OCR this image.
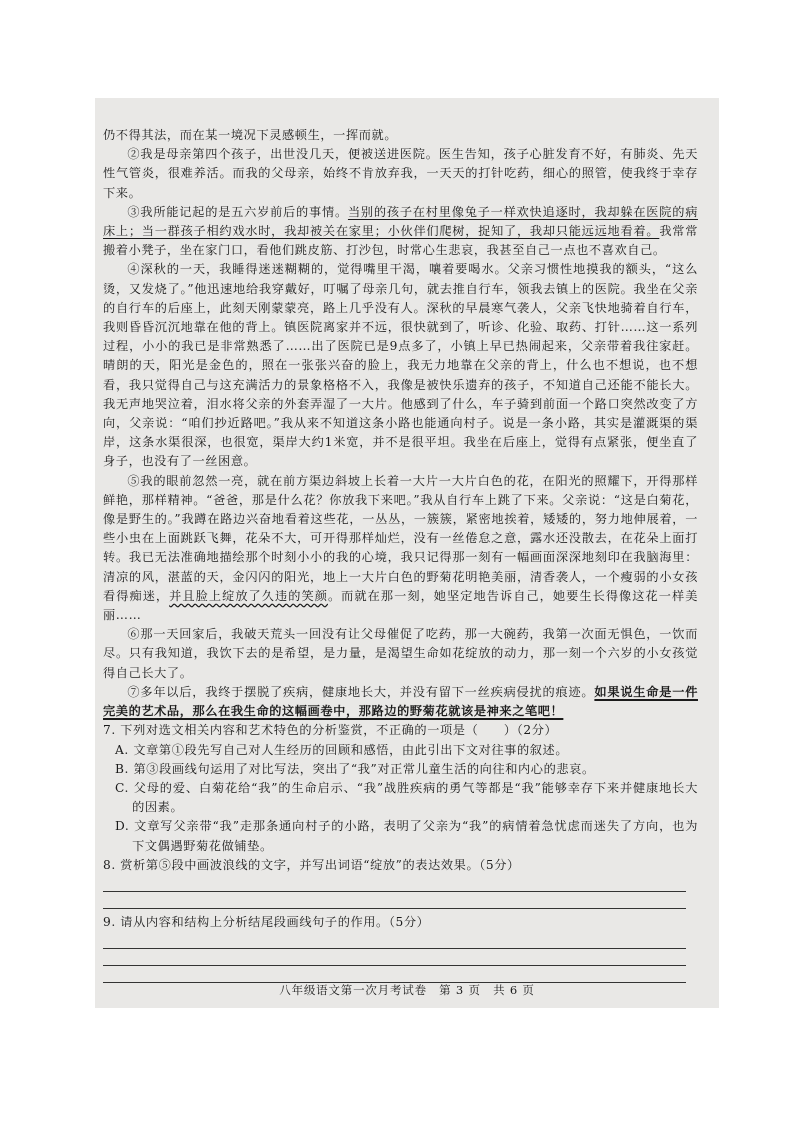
仍不得其法，而在某一境况下灵感顿生，一挥而就。

②我是母亲第四个孩子，出世没几天，便被送进医院。医生告知，孩子心脏发育不好，有肺炎、先天性气管炎，很难养活。而我的父母亲，始终不肯放弃我，一天天的打针吃药，细心的照管，使我终于幸存下来。

③我所能记起的是五六岁前后的事情。当别的孩子在村里像兔子一样欢快追逐时，我却躲在医院的病床上；当一群孩子相约戏水时，我却被关在家里；小伙伴们爬树，捉知了，我却只能远远地看着。我常常搬着小凳子，坐在家门口，看他们跳皮筋、打沙包，时常心生悲哀，我甚至自己一点也不喜欢自己。

④深秋的一天，我睡得迷迷糊糊的，觉得嘴里干渴，嚷着要喝水。父亲习惯性地摸我的额头，“这么烫，又发烧了。”他迅速地给我穿戴好，叮嘱了母亲几句，就去推自行车，领我去镇上的医院。我坐在父亲的自行车的后座上，此刻天刚蒙蒙亮，路上几乎没有人。深秋的早晨寒气袭人，父亲飞快地骑着自行车，我则昏昏沉沉地靠在他的背上。镇医院离家并不远，很快就到了，听诊、化验、取药、打针……这一系列过程，小小的我已是非常熟悉了……出了医院已是9点多了，小镇上早已热闹起来，父亲带着我往家赶。晴朗的天，阳光是金色的，照在一张张兴奋的脸上，我无力地靠在父亲的背上，什么也不想说，也不想看，我只觉得自己与这充满活力的景象格格不入，我像是被快乐遗弃的孩子，不知道自己还能不能长大。我无声地哭泣着，泪水将父亲的外套弄湿了一大片。他感到了什么，车子骑到前面一个路口突然改变了方向，父亲说：“咱们抄近路吧。”我从来不知道这条小路也能通向村子。说是一条小路，其实是灌溉渠的渠岸，这条水渠很深，也很宽，渠岸大约1米宽，并不是很平坦。我坐在后座上，觉得有点紧张，便坐直了身子，也没有了一丝困意。

⑤我的眼前忽然一亮，就在前方渠边斜坡上长着一大片一大片白色的花，在阳光的照耀下，开得那样鲜艳，那样精神。“爸爸，那是什么花？你放我下来吧。”我从自行车上跳了下来。父亲说：“这是白菊花，像是野生的。”我蹲在路边兴奋地看着这些花，一丛丛，一簇簇，紧密地挨着，矮矮的，努力地伸展着，一些小虫在上面跳跃飞舞，花朵不大，可开得那样灿烂，没有一丝倦怠之意，露水还没散去，在花朵上面打转。我已无法准确地描绘那个时刻小小的我的心境，我只记得那一刻有一幅画面深深地刻印在我脑海里：清凉的风，湛蓝的天，金闪闪的阳光，地上一大片白色的野菊花明艳美丽，清香袭人，一个瘦弱的小女孩看得痴迷，并且脸上绽放了久违的笑颜。而就在那一刻，她坚定地告诉自己，她要生长得像这花一样美丽……

⑥那一天回家后，我破天荒头一回没有让父母催促了吃药，那一大碗药，我第一次面无惧色，一饮而尽。只有我知道，我饮下去的是希望，是力量，是渴望生命如花绽放的动力，那一刻一个六岁的小女孩觉得自己长大了。

⑦多年以后，我终于摆脱了疾病，健康地长大，并没有留下一丝疾病侵扰的痕迹。如果说生命是一件完美的艺术品，那么在我生命的这幅画卷中，那路边的野菊花就该是神来之笔吧！

7. 下列对选文相关内容和艺术特色的分析鉴赏，不正确的一项是（　　）（2分）

A. 文章第①段先写自己对人生经历的回顾和感悟，由此引出下文对往事的叙述。

B. 第③段画线句运用了对比写法，突出了“我”对正常儿童生活的向往和内心的悲哀。

C. 父母的爱、白菊花给“我”的生命启示、“我”战胜疾病的勇气等都是“我”能够幸存下来并健康地长大的因素。

D. 文章写父亲带“我”走那条通向村子的小路，表明了父亲为“我”的病情着急忧虑而迷失了方向，也为下文偶遇野菊花做铺垫。

8. 赏析第⑤段中画波浪线的文字，并写出词语“绽放”的表达效果。（5分）

9. 请从内容和结构上分析结尾段画线句子的作用。（5分）

八年级语文第一次月考试卷　第 3 页　共 6 页
